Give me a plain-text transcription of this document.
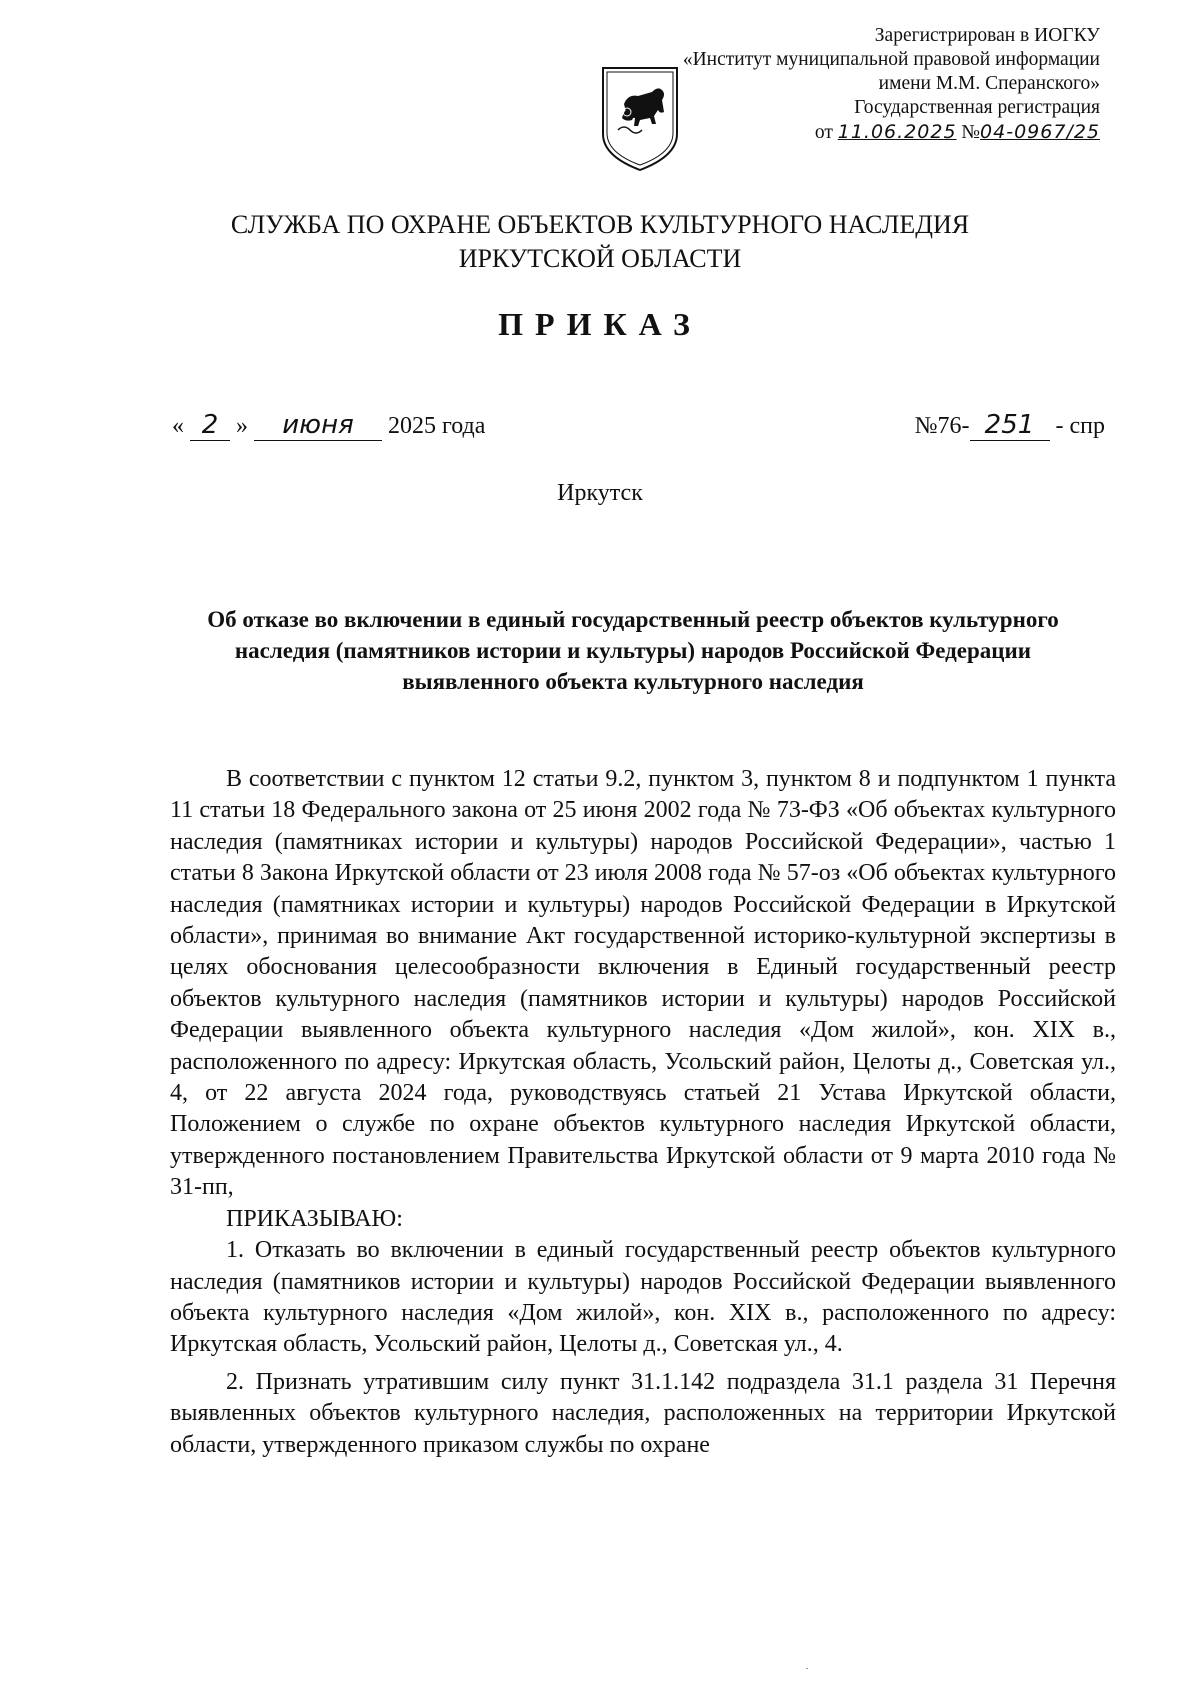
Зарегистрирован в ИОГКУ
«Институт муниципальной правовой информации
имени М.М. Сперанского»
Государственная регистрация
от 11.06.2025 №04-0967/25
СЛУЖБА ПО ОХРАНЕ ОБЪЕКТОВ КУЛЬТУРНОГО НАСЛЕДИЯ
ИРКУТСКОЙ ОБЛАСТИ
ПРИКАЗ
« 2 » июня 2025 года	№76- 251 - спр
Иркутск
Об отказе во включении в единый государственный реестр объектов культурного наследия (памятников истории и культуры) народов Российской Федерации выявленного объекта культурного наследия

В соответствии с пунктом 12 статьи 9.2, пунктом 3, пунктом 8 и подпунктом 1 пункта 11 статьи 18 Федерального закона от 25 июня 2002 года № 73-ФЗ «Об объектах культурного наследия (памятниках истории и культуры) народов Российской Федерации», частью 1 статьи 8 Закона Иркутской области от 23 июля 2008 года № 57-оз «Об объектах культурного наследия (памятниках истории и культуры) народов Российской Федерации в Иркутской области», принимая во внимание Акт государственной историко-культурной экспертизы в целях обоснования целесообразности включения в Единый государственный реестр объектов культурного наследия (памятников истории и культуры) народов Российской Федерации выявленного объекта культурного наследия «Дом жилой», кон. XIX в., расположенного по адресу: Иркутская область, Усольский район, Целоты д., Советская ул., 4, от 22 августа 2024 года, руководствуясь статьей 21 Устава Иркутской области, Положением о службе по охране объектов культурного наследия Иркутской области, утвержденного постановлением Правительства Иркутской области от 9 марта 2010 года № 31-пп,

ПРИКАЗЫВАЮ:

1. Отказать во включении в единый государственный реестр объектов культурного наследия (памятников истории и культуры) народов Российской Федерации выявленного объекта культурного наследия «Дом жилой», кон. XIX в., расположенного по адресу: Иркутская область, Усольский район, Целоты д., Советская ул., 4.

2. Признать утратившим силу пункт 31.1.142 подраздела 31.1 раздела 31 Перечня выявленных объектов культурного наследия, расположенных на территории Иркутской области, утвержденного приказом службы по охране
